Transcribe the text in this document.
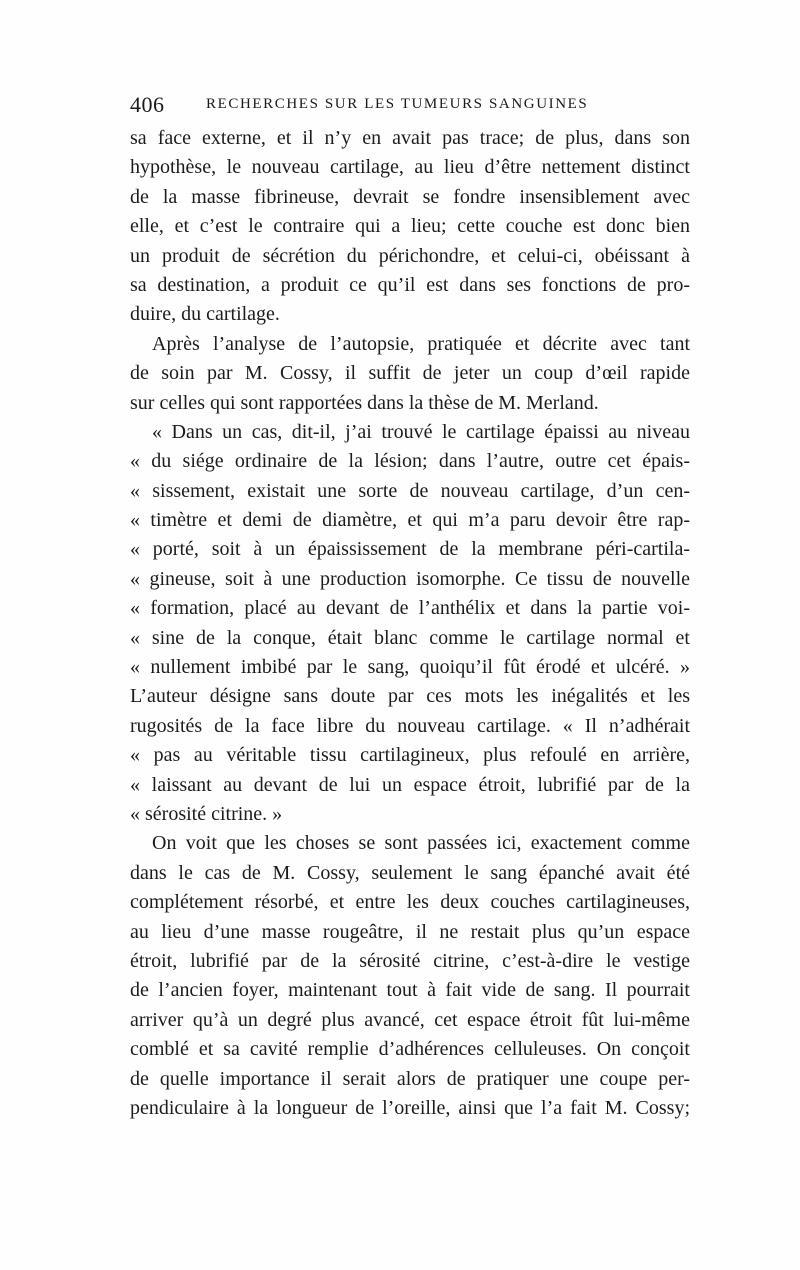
406	RECHERCHES SUR LES TUMEURS SANGUINES
sa face externe, et il n’y en avait pas trace; de plus, dans son
hypothèse, le nouveau cartilage, au lieu d’être nettement distinct
de la masse fibrineuse, devrait se fondre insensiblement avec
elle, et c’est le contraire qui a lieu; cette couche est donc bien
un produit de sécrétion du périchondre, et celui-ci, obéissant à
sa destination, a produit ce qu’il est dans ses fonctions de pro-
duire, du cartilage.
Après l’analyse de l’autopsie, pratiquée et décrite avec tant
de soin par M. Cossy, il suffit de jeter un coup d’œil rapide
sur celles qui sont rapportées dans la thèse de M. Merland.
« Dans un cas, dit-il, j’ai trouvé le cartilage épaissi au niveau
« du siége ordinaire de la lésion; dans l’autre, outre cet épais-
« sissement, existait une sorte de nouveau cartilage, d’un cen-
« timètre et demi de diamètre, et qui m’a paru devoir être rap-
« porté, soit à un épaississement de la membrane péri-cartila-
« gineuse, soit à une production isomorphe. Ce tissu de nouvelle
« formation, placé au devant de l’anthélix et dans la partie voi-
« sine de la conque, était blanc comme le cartilage normal et
« nullement imbibé par le sang, quoiqu’il fût érodé et ulcéré. »
L’auteur désigne sans doute par ces mots les inégalités et les
rugosités de la face libre du nouveau cartilage. « Il n’adhérait
« pas au véritable tissu cartilagineux, plus refoulé en arrière,
« laissant au devant de lui un espace étroit, lubrifié par de la
« sérosité citrine. »
On voit que les choses se sont passées ici, exactement comme
dans le cas de M. Cossy, seulement le sang épanché avait été
complétement résorbé, et entre les deux couches cartilagineuses,
au lieu d’une masse rougeâtre, il ne restait plus qu’un espace
étroit, lubrifié par de la sérosité citrine, c’est-à-dire le vestige
de l’ancien foyer, maintenant tout à fait vide de sang. Il pourrait
arriver qu’à un degré plus avancé, cet espace étroit fût lui-même
comblé et sa cavité remplie d’adhérences celluleuses. On conçoit
de quelle importance il serait alors de pratiquer une coupe per-
pendiculaire à la longueur de l’oreille, ainsi que l’a fait M. Cossy;
